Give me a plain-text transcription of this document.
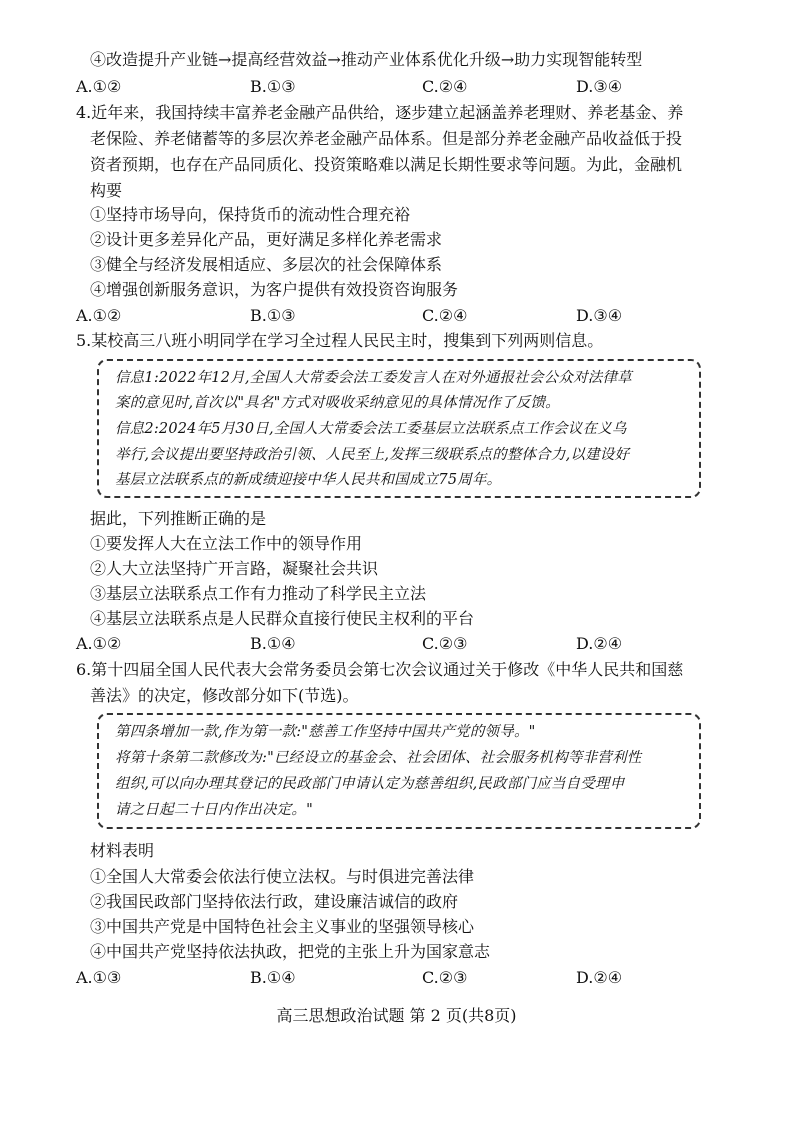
④改造提升产业链→提高经营效益→推动产业体系优化升级→助力实现智能转型
A.①②	B.①③	C.②④	D.③④
4.近年来，我国持续丰富养老金融产品供给，逐步建立起涵盖养老理财、养老基金、养
老保险、养老储蓄等的多层次养老金融产品体系。但是部分养老金融产品收益低于投
资者预期，也存在产品同质化、投资策略难以满足长期性要求等问题。为此，金融机
构要
①坚持市场导向，保持货币的流动性合理充裕
②设计更多差异化产品，更好满足多样化养老需求
③健全与经济发展相适应、多层次的社会保障体系
④增强创新服务意识，为客户提供有效投资咨询服务
A.①②	B.①③	C.②④	D.③④
5.某校高三八班小明同学在学习全过程人民民主时，搜集到下列两则信息。
信息1:2022年12月,全国人大常委会法工委发言人在对外通报社会公众对法律草
案的意见时,首次以"具名"方式对吸收采纳意见的具体情况作了反馈。
信息2:2024年5月30日,全国人大常委会法工委基层立法联系点工作会议在义乌
举行,会议提出要坚持政治引领、人民至上,发挥三级联系点的整体合力,以建设好
基层立法联系点的新成绩迎接中华人民共和国成立75周年。
据此，下列推断正确的是
①要发挥人大在立法工作中的领导作用
②人大立法坚持广开言路，凝聚社会共识
③基层立法联系点工作有力推动了科学民主立法
④基层立法联系点是人民群众直接行使民主权利的平台
A.①②	B.①④	C.②③	D.②④
6.第十四届全国人民代表大会常务委员会第七次会议通过关于修改《中华人民共和国慈
善法》的决定，修改部分如下(节选)。
第四条增加一款,作为第一款:"慈善工作坚持中国共产党的领导。"
将第十条第二款修改为:"已经设立的基金会、社会团体、社会服务机构等非营利性
组织,可以向办理其登记的民政部门申请认定为慈善组织,民政部门应当自受理申
请之日起二十日内作出决定。"
材料表明
①全国人大常委会依法行使立法权。与时俱进完善法律
②我国民政部门坚持依法行政，建设廉洁诚信的政府
③中国共产党是中国特色社会主义事业的坚强领导核心
④中国共产党坚持依法执政，把党的主张上升为国家意志
A.①③	B.①④	C.②③	D.②④
高三思想政治试题 第 2 页(共8页)
